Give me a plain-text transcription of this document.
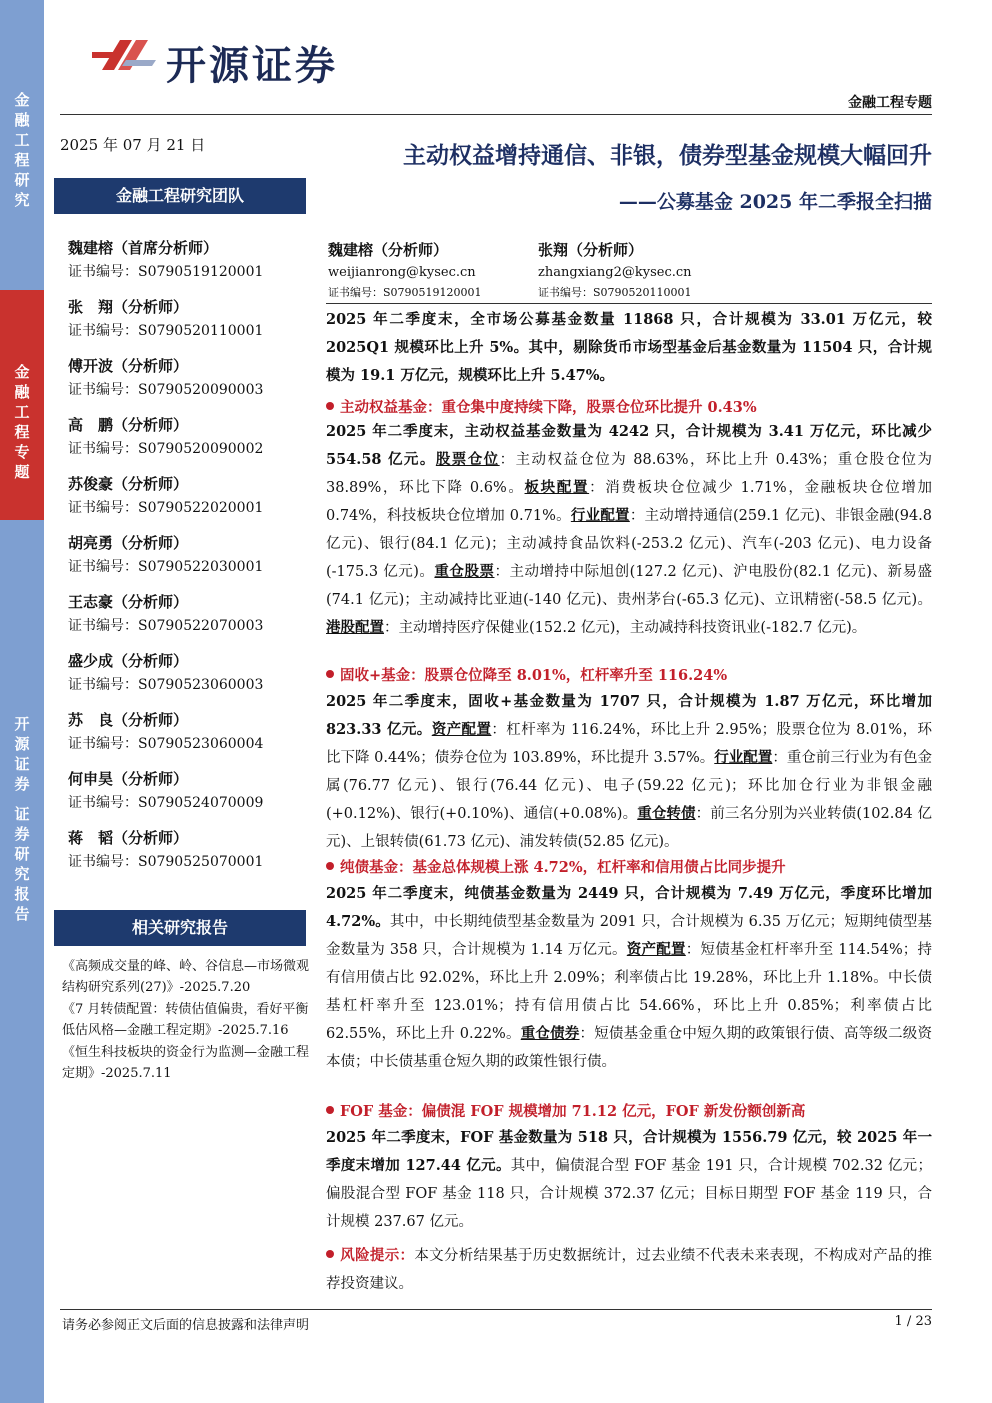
金
融
工
程
研
究
金
融
工
程
专
题
开
源
证
券
证
券
研
究
报
告
开源证券
金融工程专题
2025 年 07 月 21 日	主动权益增持通信、非银，债券型基金规模大幅回升
——公募基金 2025 年二季报全扫描
金融工程研究团队
魏建榕（首席分析师）
证书编号：S0790519120001
张　翔（分析师）
证书编号：S0790520110001
傅开波（分析师）
证书编号：S0790520090003
高　鹏（分析师）
证书编号：S0790520090002
苏俊豪（分析师）
证书编号：S0790522020001
胡亮勇（分析师）
证书编号：S0790522030001
王志豪（分析师）
证书编号：S0790522070003
盛少成（分析师）
证书编号：S0790523060003
苏　良（分析师）
证书编号：S0790523060004
何申昊（分析师）
证书编号：S0790524070009
蒋　韬（分析师）
证书编号：S0790525070001
相关研究报告

《高频成交量的峰、岭、谷信息—市场微观结构研究系列(27)》-2025.7.20

《7 月转债配置：转债估值偏贵，看好平衡低估风格—金融工程定期》-2025.7.16

《恒生科技板块的资金行为监测—金融工程定期》-2025.7.11

魏建榕（分析师）
weijianrong@kysec.cn
证书编号：S0790519120001
张翔（分析师）
zhangxiang2@kysec.cn
证书编号：S0790520110001

2025 年二季度末，全市场公募基金数量 11868 只，合计规模为 33.01 万亿元，较 2025Q1 规模环比上升 5%。其中，剔除货币市场型基金后基金数量为 11504 只，合计规模为 19.1 万亿元，规模环比上升 5.47%。

主动权益基金：重仓集中度持续下降，股票仓位环比提升 0.43%

2025 年二季度末，主动权益基金数量为 4242 只，合计规模为 3.41 万亿元，环比减少 554.58 亿元。股票仓位：主动权益仓位为 88.63%，环比上升 0.43%；重仓股仓位为 38.89%，环比下降 0.6%。板块配置：消费板块仓位减少 1.71%，金融板块仓位增加 0.74%，科技板块仓位增加 0.71%。行业配置：主动增持通信(259.1 亿元)、非银金融(94.8 亿元)、银行(84.1 亿元)；主动减持食品饮料(-253.2 亿元)、汽车(-203 亿元)、电力设备(-175.3 亿元)。重仓股票：主动增持中际旭创(127.2 亿元)、沪电股份(82.1 亿元)、新易盛(74.1 亿元)；主动减持比亚迪(-140 亿元)、贵州茅台(-65.3 亿元)、立讯精密(-58.5 亿元)。港股配置：主动增持医疗保健业(152.2 亿元)，主动减持科技资讯业(-182.7 亿元)。

固收+基金：股票仓位降至 8.01%，杠杆率升至 116.24%

2025 年二季度末，固收+基金数量为 1707 只，合计规模为 1.87 万亿元，环比增加 823.33 亿元。资产配置：杠杆率为 116.24%，环比上升 2.95%；股票仓位为 8.01%，环比下降 0.44%；债券仓位为 103.89%，环比提升 3.57%。行业配置：重仓前三行业为有色金属(76.77 亿元)、银行(76.44 亿元)、电子(59.22 亿元)；环比加仓行业为非银金融(+0.12%)、银行(+0.10%)、通信(+0.08%)。重仓转债：前三名分别为兴业转债(102.84 亿元)、上银转债(61.73 亿元)、浦发转债(52.85 亿元)。

纯债基金：基金总体规模上涨 4.72%，杠杆率和信用债占比同步提升

2025 年二季度末，纯债基金数量为 2449 只，合计规模为 7.49 万亿元，季度环比增加 4.72%。其中，中长期纯债型基金数量为 2091 只，合计规模为 6.35 万亿元；短期纯债型基金数量为 358 只，合计规模为 1.14 万亿元。资产配置：短债基金杠杆率升至 114.54%；持有信用债占比 92.02%，环比上升 2.09%；利率债占比 19.28%，环比上升 1.18%。中长债基杠杆率升至 123.01%；持有信用债占比 54.66%，环比上升 0.85%；利率债占比 62.55%，环比上升 0.22%。重仓债券：短债基金重仓中短久期的政策银行债、高等级二级资本债；中长债基重仓短久期的政策性银行债。

FOF 基金：偏债混 FOF 规模增加 71.12 亿元，FOF 新发份额创新高

2025 年二季度末，FOF 基金数量为 518 只，合计规模为 1556.79 亿元，较 2025 年一季度末增加 127.44 亿元。其中，偏债混合型 FOF 基金 191 只，合计规模 702.32 亿元；偏股混合型 FOF 基金 118 只，合计规模 372.37 亿元；目标日期型 FOF 基金 119 只，合计规模 237.67 亿元。

风险提示：本文分析结果基于历史数据统计，过去业绩不代表未来表现，不构成对产品的推荐投资建议。

请务必参阅正文后面的信息披露和法律声明	1 / 23
